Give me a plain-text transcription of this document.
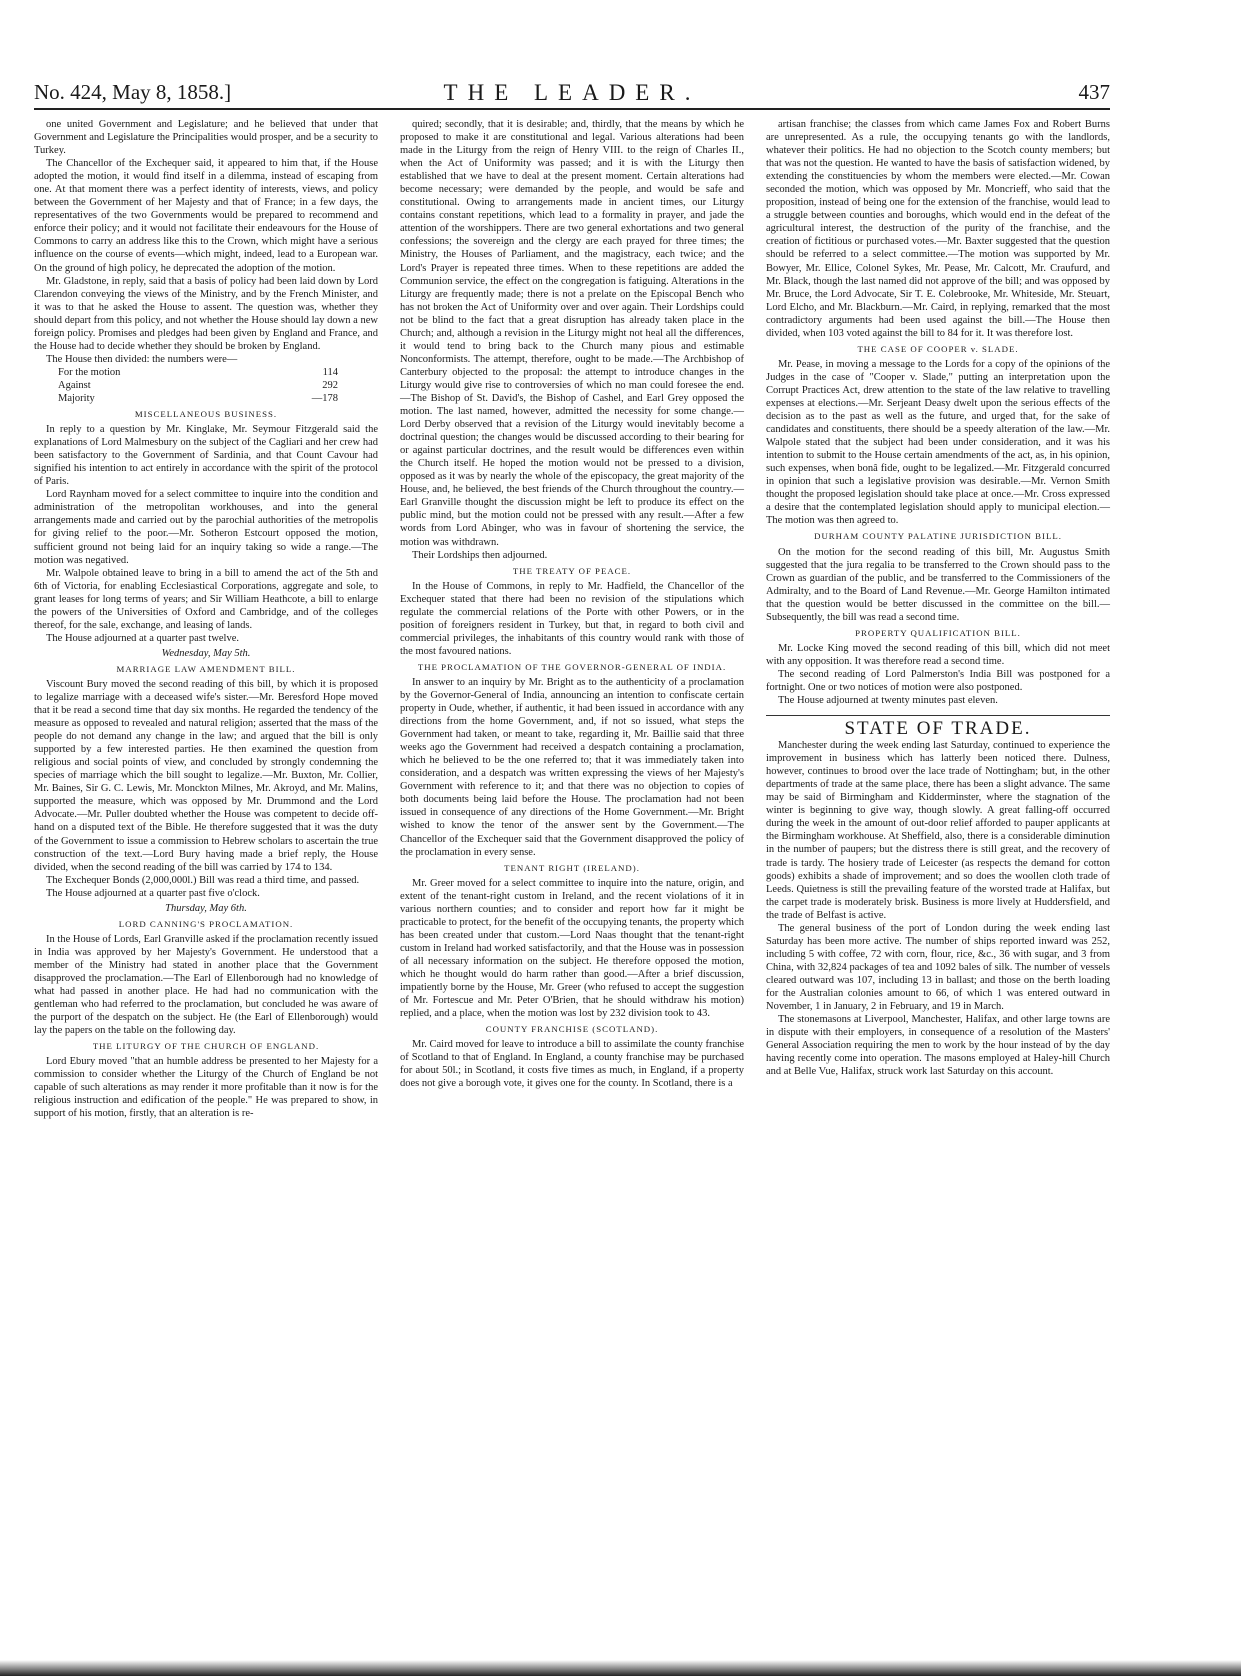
No. 424, May 8, 1858.]	THE LEADER.	437

one united Government and Legislature; and he believed that under that Government and Legislature the Principalities would prosper, and be a security to Turkey.

The Chancellor of the Exchequer said, it appeared to him that, if the House adopted the motion, it would find itself in a dilemma, instead of escaping from one. At that moment there was a perfect identity of interests, views, and policy between the Government of her Majesty and that of France; in a few days, the representatives of the two Governments would be prepared to recommend and enforce their policy; and it would not facilitate their endeavours for the House of Commons to carry an address like this to the Crown, which might have a serious influence on the course of events—which might, indeed, lead to a European war. On the ground of high policy, he deprecated the adoption of the motion.

Mr. Gladstone, in reply, said that a basis of policy had been laid down by Lord Clarendon conveying the views of the Ministry, and by the French Minister, and it was to that he asked the House to assent. The question was, whether they should depart from this policy, and not whether the House should lay down a new foreign policy. Promises and pledges had been given by England and France, and the House had to decide whether they should be broken by England.

The House then divided: the numbers were—

For the motion	114
Against	292
Majority	—178
MISCELLANEOUS BUSINESS.

In reply to a question by Mr. Kinglake, Mr. Seymour Fitzgerald said the explanations of Lord Malmesbury on the subject of the Cagliari and her crew had been satisfactory to the Government of Sardinia, and that Count Cavour had signified his intention to act entirely in accordance with the spirit of the protocol of Paris.

Lord Raynham moved for a select committee to inquire into the condition and administration of the metropolitan workhouses, and into the general arrangements made and carried out by the parochial authorities of the metropolis for giving relief to the poor.—Mr. Sotheron Estcourt opposed the motion, sufficient ground not being laid for an inquiry taking so wide a range.—The motion was negatived.

Mr. Walpole obtained leave to bring in a bill to amend the act of the 5th and 6th of Victoria, for enabling Ecclesiastical Corporations, aggregate and sole, to grant leases for long terms of years; and Sir William Heathcote, a bill to enlarge the powers of the Universities of Oxford and Cambridge, and of the colleges thereof, for the sale, exchange, and leasing of lands.

The House adjourned at a quarter past twelve.

Wednesday, May 5th.
MARRIAGE LAW AMENDMENT BILL.

Viscount Bury moved the second reading of this bill, by which it is proposed to legalize marriage with a deceased wife's sister.—Mr. Beresford Hope moved that it be read a second time that day six months. He regarded the tendency of the measure as opposed to revealed and natural religion; asserted that the mass of the people do not demand any change in the law; and argued that the bill is only supported by a few interested parties. He then examined the question from religious and social points of view, and concluded by strongly condemning the species of marriage which the bill sought to legalize.—Mr. Buxton, Mr. Collier, Mr. Baines, Sir G. C. Lewis, Mr. Monckton Milnes, Mr. Akroyd, and Mr. Malins, supported the measure, which was opposed by Mr. Drummond and the Lord Advocate.—Mr. Puller doubted whether the House was competent to decide off-hand on a disputed text of the Bible. He therefore suggested that it was the duty of the Government to issue a commission to Hebrew scholars to ascertain the true construction of the text.—Lord Bury having made a brief reply, the House divided, when the second reading of the bill was carried by 174 to 134.

The Exchequer Bonds (2,000,000l.) Bill was read a third time, and passed.

The House adjourned at a quarter past five o'clock.

Thursday, May 6th.
LORD CANNING'S PROCLAMATION.

In the House of Lords, Earl Granville asked if the proclamation recently issued in India was approved by her Majesty's Government. He understood that a member of the Ministry had stated in another place that the Government disapproved the proclamation.—The Earl of Ellenborough had no knowledge of what had passed in another place. He had had no communication with the gentleman who had referred to the proclamation, but concluded he was aware of the purport of the despatch on the subject. He (the Earl of Ellenborough) would lay the papers on the table on the following day.

THE LITURGY OF THE CHURCH OF ENGLAND.

Lord Ebury moved "that an humble address be presented to her Majesty for a commission to consider whether the Liturgy of the Church of England be not capable of such alterations as may render it more profitable than it now is for the religious instruction and edification of the people." He was prepared to show, in support of his motion, firstly, that an alteration is re-

quired; secondly, that it is desirable; and, thirdly, that the means by which he proposed to make it are constitutional and legal. Various alterations had been made in the Liturgy from the reign of Henry VIII. to the reign of Charles II., when the Act of Uniformity was passed; and it is with the Liturgy then established that we have to deal at the present moment. Certain alterations had become necessary; were demanded by the people, and would be safe and constitutional. Owing to arrangements made in ancient times, our Liturgy contains constant repetitions, which lead to a formality in prayer, and jade the attention of the worshippers. There are two general exhortations and two general confessions; the sovereign and the clergy are each prayed for three times; the Ministry, the Houses of Parliament, and the magistracy, each twice; and the Lord's Prayer is repeated three times. When to these repetitions are added the Communion service, the effect on the congregation is fatiguing. Alterations in the Liturgy are frequently made; there is not a prelate on the Episcopal Bench who has not broken the Act of Uniformity over and over again. Their Lordships could not be blind to the fact that a great disruption has already taken place in the Church; and, although a revision in the Liturgy might not heal all the differences, it would tend to bring back to the Church many pious and estimable Nonconformists. The attempt, therefore, ought to be made.—The Archbishop of Canterbury objected to the proposal: the attempt to introduce changes in the Liturgy would give rise to controversies of which no man could foresee the end.—The Bishop of St. David's, the Bishop of Cashel, and Earl Grey opposed the motion. The last named, however, admitted the necessity for some change.—Lord Derby observed that a revision of the Liturgy would inevitably become a doctrinal question; the changes would be discussed according to their bearing for or against particular doctrines, and the result would be differences even within the Church itself. He hoped the motion would not be pressed to a division, opposed as it was by nearly the whole of the episcopacy, the great majority of the House, and, he believed, the best friends of the Church throughout the country.—Earl Granville thought the discussion might be left to produce its effect on the public mind, but the motion could not be pressed with any result.—After a few words from Lord Abinger, who was in favour of shortening the service, the motion was withdrawn.

Their Lordships then adjourned.

THE TREATY OF PEACE.

In the House of Commons, in reply to Mr. Hadfield, the Chancellor of the Exchequer stated that there had been no revision of the stipulations which regulate the commercial relations of the Porte with other Powers, or in the position of foreigners resident in Turkey, but that, in regard to both civil and commercial privileges, the inhabitants of this country would rank with those of the most favoured nations.

THE PROCLAMATION OF THE GOVERNOR-GENERAL OF INDIA.

In answer to an inquiry by Mr. Bright as to the authenticity of a proclamation by the Governor-General of India, announcing an intention to confiscate certain property in Oude, whether, if authentic, it had been issued in accordance with any directions from the home Government, and, if not so issued, what steps the Government had taken, or meant to take, regarding it, Mr. Baillie said that three weeks ago the Government had received a despatch containing a proclamation, which he believed to be the one referred to; that it was immediately taken into consideration, and a despatch was written expressing the views of her Majesty's Government with reference to it; and that there was no objection to copies of both documents being laid before the House. The proclamation had not been issued in consequence of any directions of the Home Government.—Mr. Bright wished to know the tenor of the answer sent by the Government.—The Chancellor of the Exchequer said that the Government disapproved the policy of the proclamation in every sense.

TENANT RIGHT (IRELAND).

Mr. Greer moved for a select committee to inquire into the nature, origin, and extent of the tenant-right custom in Ireland, and the recent violations of it in various northern counties; and to consider and report how far it might be practicable to protect, for the benefit of the occupying tenants, the property which has been created under that custom.—Lord Naas thought that the tenant-right custom in Ireland had worked satisfactorily, and that the House was in possession of all necessary information on the subject. He therefore opposed the motion, which he thought would do harm rather than good.—After a brief discussion, impatiently borne by the House, Mr. Greer (who refused to accept the suggestion of Mr. Fortescue and Mr. Peter O'Brien, that he should withdraw his motion) replied, and a place, when the motion was lost by 232 division took to 43.

COUNTY FRANCHISE (SCOTLAND).

Mr. Caird moved for leave to introduce a bill to assimilate the county franchise of Scotland to that of England. In England, a county franchise may be purchased for about 50l.; in Scotland, it costs five times as much, in England, if a property does not give a borough vote, it gives one for the county. In Scotland, there is a

artisan franchise; the classes from which came James Fox and Robert Burns are unrepresented. As a rule, the occupying tenants go with the landlords, whatever their politics. He had no objection to the Scotch county members; but that was not the question. He wanted to have the basis of satisfaction widened, by extending the constituencies by whom the members were elected.—Mr. Cowan seconded the motion, which was opposed by Mr. Moncrieff, who said that the proposition, instead of being one for the extension of the franchise, would lead to a struggle between counties and boroughs, which would end in the defeat of the agricultural interest, the destruction of the purity of the franchise, and the creation of fictitious or purchased votes.—Mr. Baxter suggested that the question should be referred to a select committee.—The motion was supported by Mr. Bowyer, Mr. Ellice, Colonel Sykes, Mr. Pease, Mr. Calcott, Mr. Craufurd, and Mr. Black, though the last named did not approve of the bill; and was opposed by Mr. Bruce, the Lord Advocate, Sir T. E. Colebrooke, Mr. Whiteside, Mr. Steuart, Lord Elcho, and Mr. Blackburn.—Mr. Caird, in replying, remarked that the most contradictory arguments had been used against the bill.—The House then divided, when 103 voted against the bill to 84 for it. It was therefore lost.

THE CASE OF COOPER v. SLADE.

Mr. Pease, in moving a message to the Lords for a copy of the opinions of the Judges in the case of "Cooper v. Slade," putting an interpretation upon the Corrupt Practices Act, drew attention to the state of the law relative to travelling expenses at elections.—Mr. Serjeant Deasy dwelt upon the serious effects of the decision as to the past as well as the future, and urged that, for the sake of candidates and constituents, there should be a speedy alteration of the law.—Mr. Walpole stated that the subject had been under consideration, and it was his intention to submit to the House certain amendments of the act, as, in his opinion, such expenses, when bonâ fide, ought to be legalized.—Mr. Fitzgerald concurred in opinion that such a legislative provision was desirable.—Mr. Vernon Smith thought the proposed legislation should take place at once.—Mr. Cross expressed a desire that the contemplated legislation should apply to municipal election.—The motion was then agreed to.

DURHAM COUNTY PALATINE JURISDICTION BILL.

On the motion for the second reading of this bill, Mr. Augustus Smith suggested that the jura regalia to be transferred to the Crown should pass to the Crown as guardian of the public, and be transferred to the Commissioners of the Admiralty, and to the Board of Land Revenue.—Mr. George Hamilton intimated that the question would be better discussed in the committee on the bill.—Subsequently, the bill was read a second time.

PROPERTY QUALIFICATION BILL.

Mr. Locke King moved the second reading of this bill, which did not meet with any opposition. It was therefore read a second time.

The second reading of Lord Palmerston's India Bill was postponed for a fortnight. One or two notices of motion were also postponed.

The House adjourned at twenty minutes past eleven.

STATE OF TRADE.

Manchester during the week ending last Saturday, continued to experience the improvement in business which has latterly been noticed there. Dulness, however, continues to brood over the lace trade of Nottingham; but, in the other departments of trade at the same place, there has been a slight advance. The same may be said of Birmingham and Kidderminster, where the stagnation of the winter is beginning to give way, though slowly. A great falling-off occurred during the week in the amount of out-door relief afforded to pauper applicants at the Birmingham workhouse. At Sheffield, also, there is a considerable diminution in the number of paupers; but the distress there is still great, and the recovery of trade is tardy. The hosiery trade of Leicester (as respects the demand for cotton goods) exhibits a shade of improvement; and so does the woollen cloth trade of Leeds. Quietness is still the prevailing feature of the worsted trade at Halifax, but the carpet trade is moderately brisk. Business is more lively at Huddersfield, and the trade of Belfast is active.

The general business of the port of London during the week ending last Saturday has been more active. The number of ships reported inward was 252, including 5 with coffee, 72 with corn, flour, rice, &c., 36 with sugar, and 3 from China, with 32,824 packages of tea and 1092 bales of silk. The number of vessels cleared outward was 107, including 13 in ballast; and those on the berth loading for the Australian colonies amount to 66, of which 1 was entered outward in November, 1 in January, 2 in February, and 19 in March.

The stonemasons at Liverpool, Manchester, Halifax, and other large towns are in dispute with their employers, in consequence of a resolution of the Masters' General Association requiring the men to work by the hour instead of by the day having recently come into operation. The masons employed at Haley-hill Church and at Belle Vue, Halifax, struck work last Saturday on this account.
